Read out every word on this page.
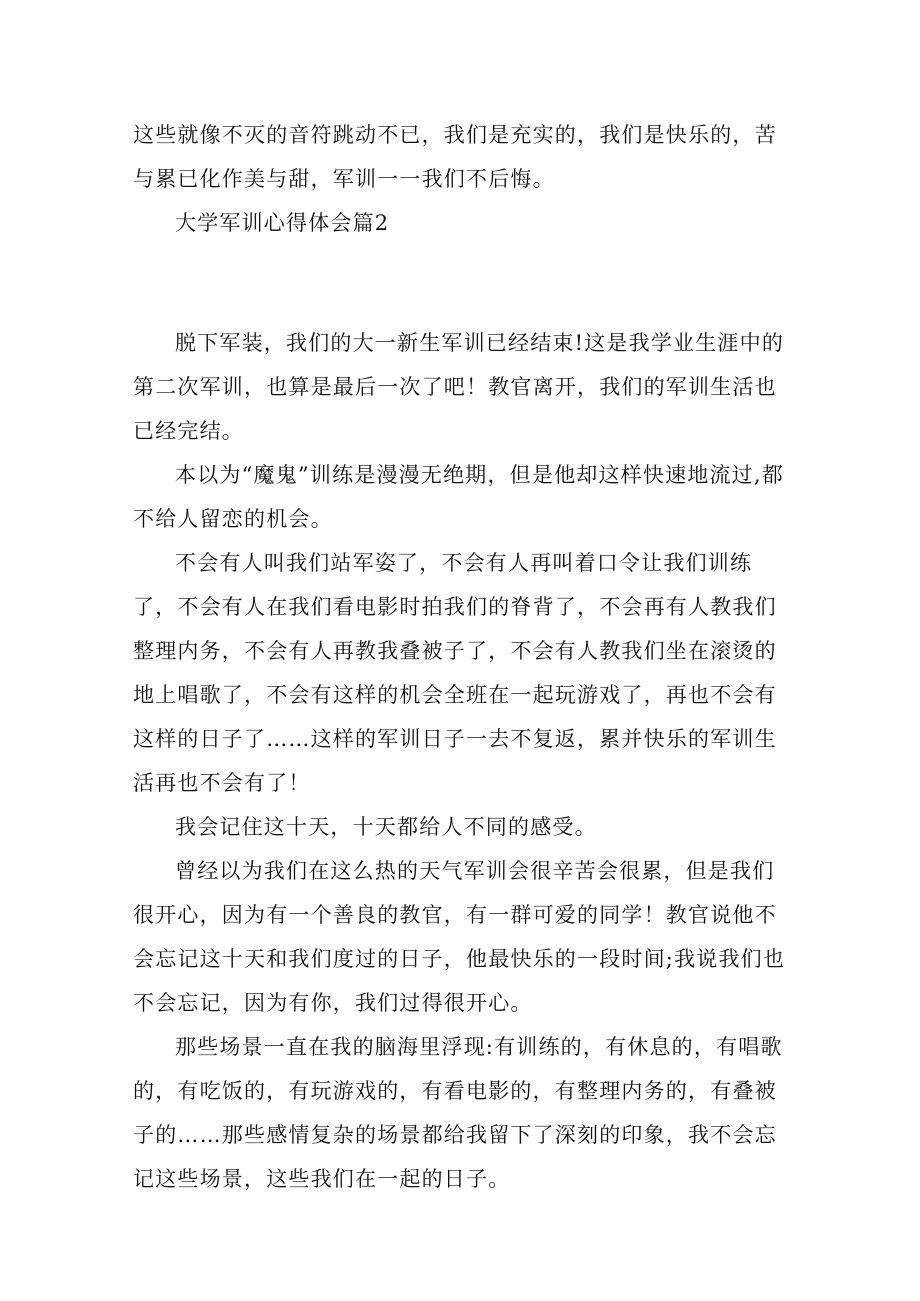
这些就像不灭的音符跳动不已，我们是充实的，我们是快乐的，苦与累已化作美与甜，军训一一我们不后悔。

大学军训心得体会篇2

脱下军装，我们的大一新生军训已经结束!这是我学业生涯中的第二次军训，也算是最后一次了吧！教官离开，我们的军训生活也已经完结。

本以为“魔鬼”训练是漫漫无绝期，但是他却这样快速地流过,都不给人留恋的机会。

不会有人叫我们站军姿了，不会有人再叫着口令让我们训练了，不会有人在我们看电影时拍我们的脊背了，不会再有人教我们整理内务，不会有人再教我叠被子了，不会有人教我们坐在滚烫的地上唱歌了，不会有这样的机会全班在一起玩游戏了，再也不会有这样的日子了……这样的军训日子一去不复返，累并快乐的军训生活再也不会有了！

我会记住这十天，十天都给人不同的感受。

曾经以为我们在这么热的天气军训会很辛苦会很累，但是我们很开心，因为有一个善良的教官，有一群可爱的同学！教官说他不会忘记这十天和我们度过的日子，他最快乐的一段时间;我说我们也不会忘记，因为有你，我们过得很开心。

那些场景一直在我的脑海里浮现:有训练的，有休息的，有唱歌的，有吃饭的，有玩游戏的，有看电影的，有整理内务的，有叠被子的……那些感情复杂的场景都给我留下了深刻的印象，我不会忘记这些场景，这些我们在一起的日子。
